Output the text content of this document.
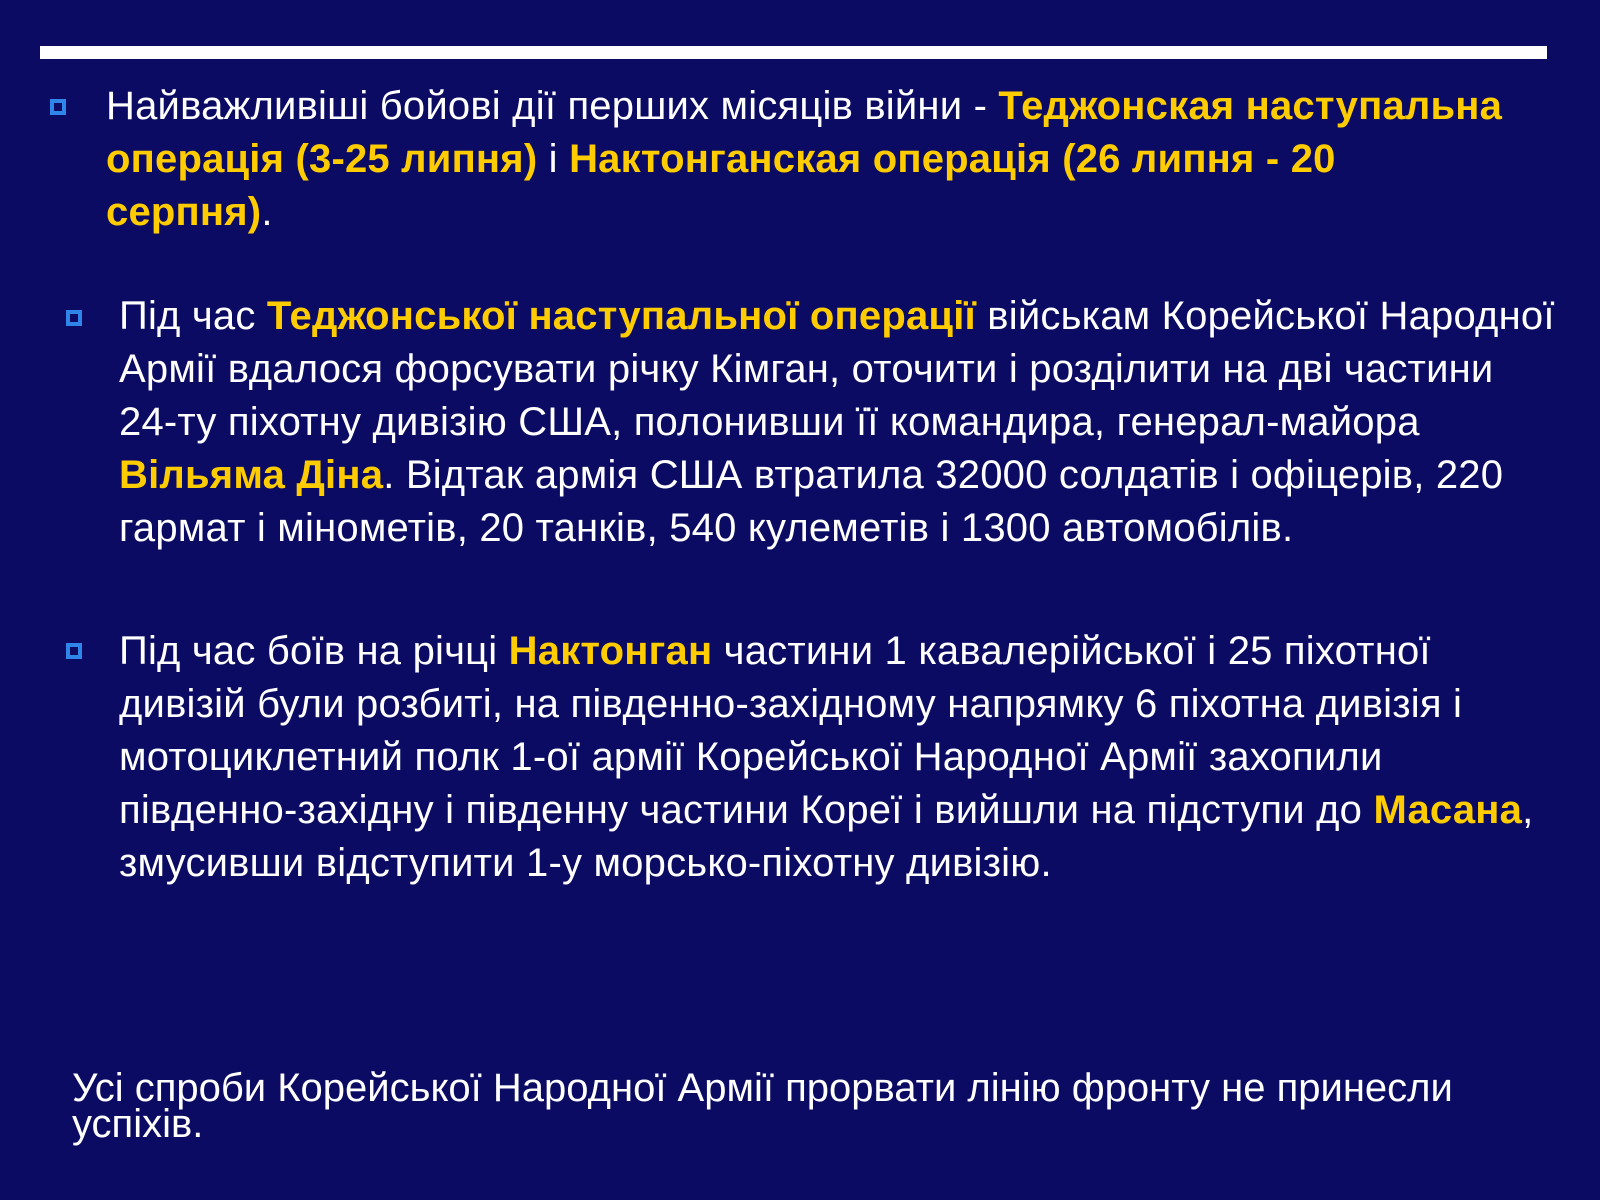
Найважливіші бойові дії перших місяців війни - Теджонская наступальна операція (3-25 липня) і Нактонганская операція (26 липня - 20 серпня).
Під час Теджонської наступальної операції військам Корейської Народної Армії вдалося форсувати річку Кімган, оточити і розділити на дві частини 24-ту піхотну дивізію США, полонивши її командира, генерал-майора Вільяма Діна. Відтак армія США втратила 32000 солдатів і офіцерів, 220 гармат і мінометів, 20 танків, 540 кулеметів і 1300 автомобілів.
Під час боїв на річці Нактонган частини 1 кавалерійської і 25 піхотної дивізій були розбиті, на південно-західному напрямку 6 піхотна дивізія і мотоциклетний полк 1-ої армії Корейської Народної Армії захопили південно-західну і південну частини Кореї і вийшли на підступи до Масана, змусивши відступити 1-у морсько-піхотну дивізію.
Усі спроби Корейської Народної Армії прорвати лінію фронту не принесли успіхів.
